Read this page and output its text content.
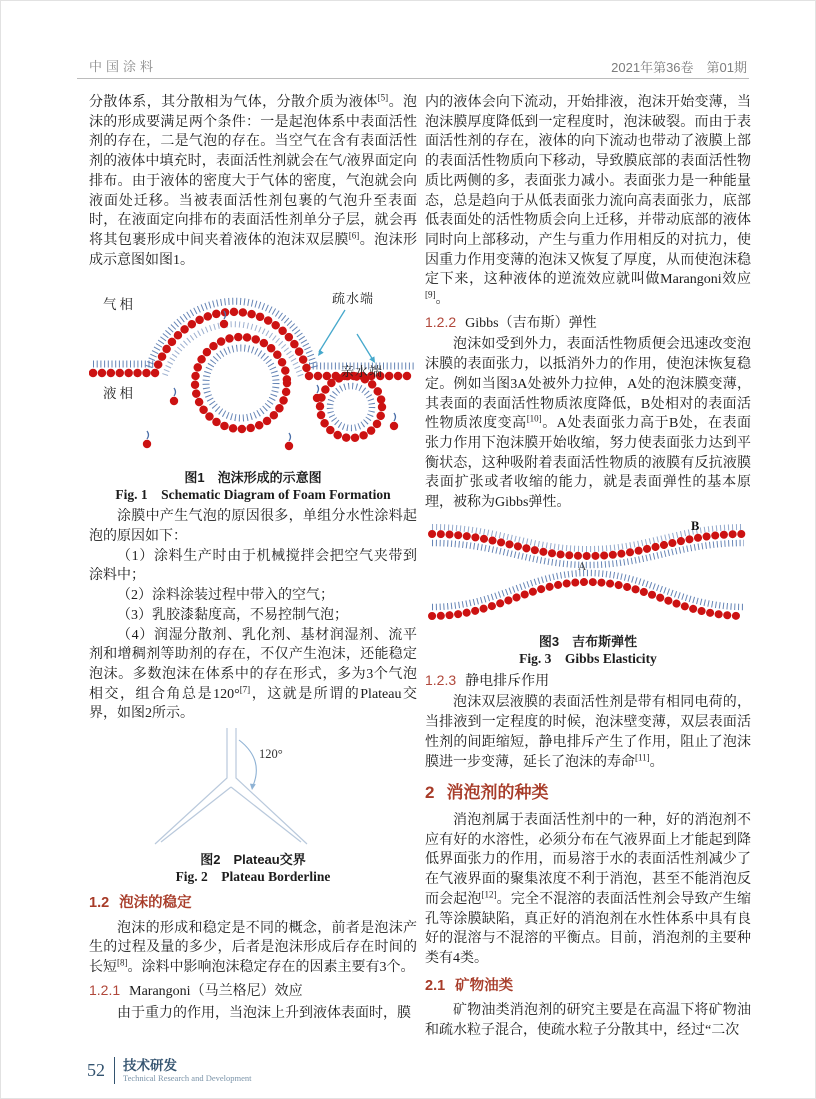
中国涂料	2021年第36卷　第01期

分散体系，其分散相为气体，分散介质为液体[5]。泡沫的形成要满足两个条件：一是起泡体系中表面活性剂的存在，二是气泡的存在。当空气在含有表面活性剂的液体中填充时，表面活性剂就会在气/液界面定向排布。由于液体的密度大于气体的密度，气泡就会向液面处迁移。当被表面活性剂包裹的气泡升至表面时，在液面定向排布的表面活性剂单分子层，就会再将其包裹形成中间夹着液体的泡沫双层膜[6]。泡沫形成示意图如图1。

气相
液相
疏水端
亲水端
图1　泡沫形成的示意图
Fig. 1　Schematic Diagram of Foam Formation

涂膜中产生气泡的原因很多，单组分水性涂料起泡的原因如下：

（1）涂料生产时由于机械搅拌会把空气夹带到涂料中；

（2）涂料涂装过程中带入的空气；

（3）乳胶漆黏度高，不易控制气泡；

（4）润湿分散剂、乳化剂、基材润湿剂、流平剂和增稠剂等助剂的存在，不仅产生泡沫，还能稳定泡沫。多数泡沫在体系中的存在形式，多为3个气泡相交，组合角总是120°[7]，这就是所谓的Plateau交界，如图2所示。

120°
图2　Plateau交界
Fig. 2　Plateau Borderline
1.2 泡沫的稳定

泡沫的形成和稳定是不同的概念，前者是泡沫产生的过程及量的多少，后者是泡沫形成后存在时间的长短[8]。涂料中影响泡沫稳定存在的因素主要有3个。

1.2.1 Marangoni（马兰格尼）效应

由于重力的作用，当泡沫上升到液体表面时，膜

内的液体会向下流动，开始排液，泡沫开始变薄，当泡沫膜厚度降低到一定程度时，泡沫破裂。而由于表面活性剂的存在，液体的向下流动也带动了液膜上部的表面活性物质向下移动，导致膜底部的表面活性物质比两侧的多，表面张力减小。表面张力是一种能量态，总是趋向于从低表面张力流向高表面张力，底部低表面处的活性物质会向上迁移，并带动底部的液体同时向上部移动，产生与重力作用相反的对抗力，使因重力作用变薄的泡沫又恢复了厚度，从而使泡沫稳定下来，这种液体的逆流效应就叫做Marangoni效应[9]。

1.2.2 Gibbs（吉布斯）弹性

泡沫如受到外力，表面活性物质便会迅速改变泡沫膜的表面张力，以抵消外力的作用，使泡沫恢复稳定。例如当图3A处被外力拉伸，A处的泡沫膜变薄，其表面的表面活性物质浓度降低，B处相对的表面活性物质浓度变高[10]。A处表面张力高于B处，在表面张力作用下泡沫膜开始收缩，努力使表面张力达到平衡状态，这种吸附着表面活性物质的液膜有反抗液膜表面扩张或者收缩的能力，就是表面弹性的基本原理，被称为Gibbs弹性。

A
B
图3　吉布斯弹性
Fig. 3　Gibbs Elasticity
1.2.3 静电排斥作用

泡沫双层液膜的表面活性剂是带有相同电荷的，当排液到一定程度的时候，泡沫壁变薄，双层表面活性剂的间距缩短，静电排斥产生了作用，阻止了泡沫膜进一步变薄，延长了泡沫的寿命[11]。

2 消泡剂的种类

消泡剂属于表面活性剂中的一种，好的消泡剂不应有好的水溶性，必须分布在气液界面上才能起到降低界面张力的作用，而易溶于水的表面活性剂减少了在气液界面的聚集浓度不利于消泡，甚至不能消泡反而会起泡[12]。完全不混溶的表面活性剂会导致产生缩孔等涂膜缺陷，真正好的消泡剂在水性体系中具有良好的混溶与不混溶的平衡点。目前，消泡剂的主要种类有4类。

2.1 矿物油类

矿物油类消泡剂的研究主要是在高温下将矿物油和疏水粒子混合，使疏水粒子分散其中，经过“二次

52	技术研发
Technical Research and Development
